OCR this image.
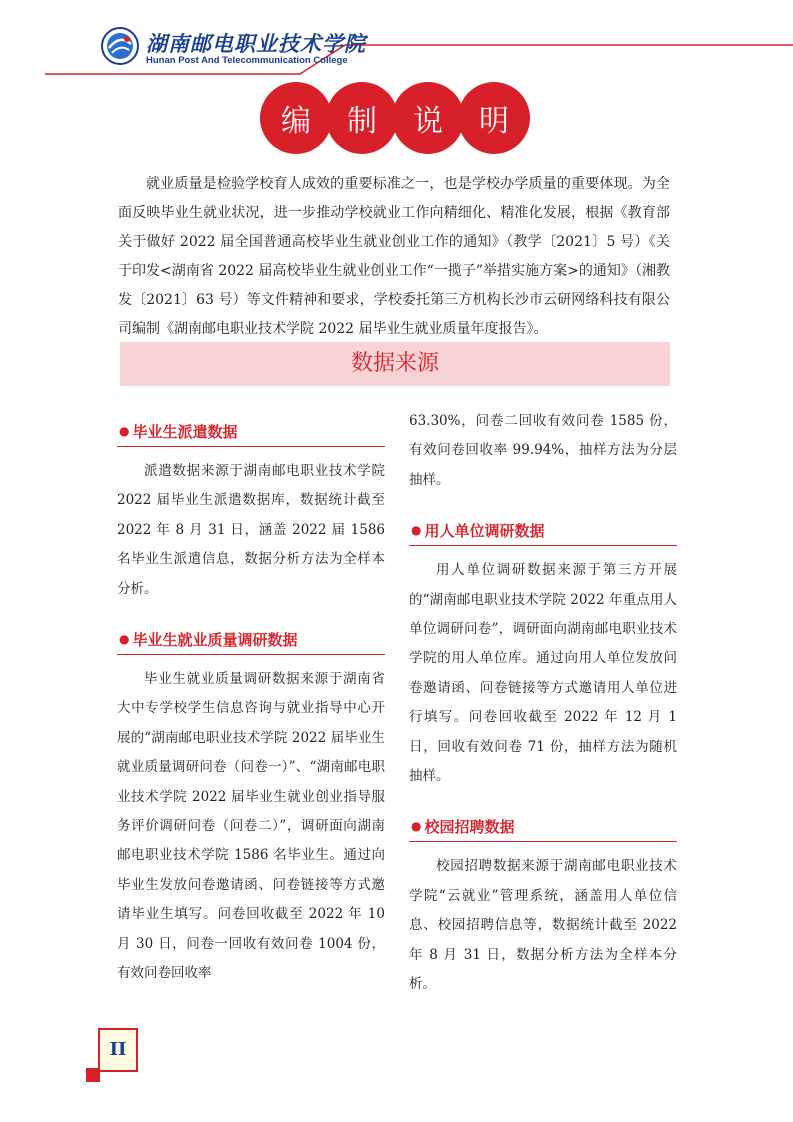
湖南邮电职业技术学院
Hunan Post And Telecommunication College
编	制	说	明

就业质量是检验学校育人成效的重要标准之一，也是学校办学质量的重要体现。为全面反映毕业生就业状况，进一步推动学校就业工作向精细化、精准化发展，根据《教育部关于做好 2022 届全国普通高校毕业生就业创业工作的通知》（教学〔2021〕5 号）《关于印发<湖南省 2022 届高校毕业生就业创业工作“一揽子”举措实施方案>的通知》（湘教发〔2021〕63 号）等文件精神和要求，学校委托第三方机构长沙市云研网络科技有限公司编制《湖南邮电职业技术学院 2022 届毕业生就业质量年度报告》。

数据来源
● 毕业生派遣数据

派遣数据来源于湖南邮电职业技术学院 2022 届毕业生派遣数据库，数据统计截至 2022 年 8 月 31 日，涵盖 2022 届 1586 名毕业生派遣信息，数据分析方法为全样本分析。

● 毕业生就业质量调研数据

毕业生就业质量调研数据来源于湖南省大中专学校学生信息咨询与就业指导中心开展的“湖南邮电职业技术学院 2022 届毕业生就业质量调研问卷（问卷一）”、“湖南邮电职业技术学院 2022 届毕业生就业创业指导服务评价调研问卷（问卷二）”，调研面向湖南邮电职业技术学院 1586 名毕业生。通过向毕业生发放问卷邀请函、问卷链接等方式邀请毕业生填写。问卷回收截至 2022 年 10 月 30 日，问卷一回收有效问卷 1004 份，有效问卷回收率

63.30%，问卷二回收有效问卷 1585 份，有效问卷回收率 99.94%，抽样方法为分层抽样。

● 用人单位调研数据

用人单位调研数据来源于第三方开展的“湖南邮电职业技术学院 2022 年重点用人单位调研问卷”，调研面向湖南邮电职业技术学院的用人单位库。通过向用人单位发放问卷邀请函、问卷链接等方式邀请用人单位进行填写。问卷回收截至 2022 年 12 月 1 日，回收有效问卷 71 份，抽样方法为随机抽样。

● 校园招聘数据

校园招聘数据来源于湖南邮电职业技术学院“云就业”管理系统，涵盖用人单位信息、校园招聘信息等，数据统计截至 2022 年 8 月 31 日，数据分析方法为全样本分析。

II
